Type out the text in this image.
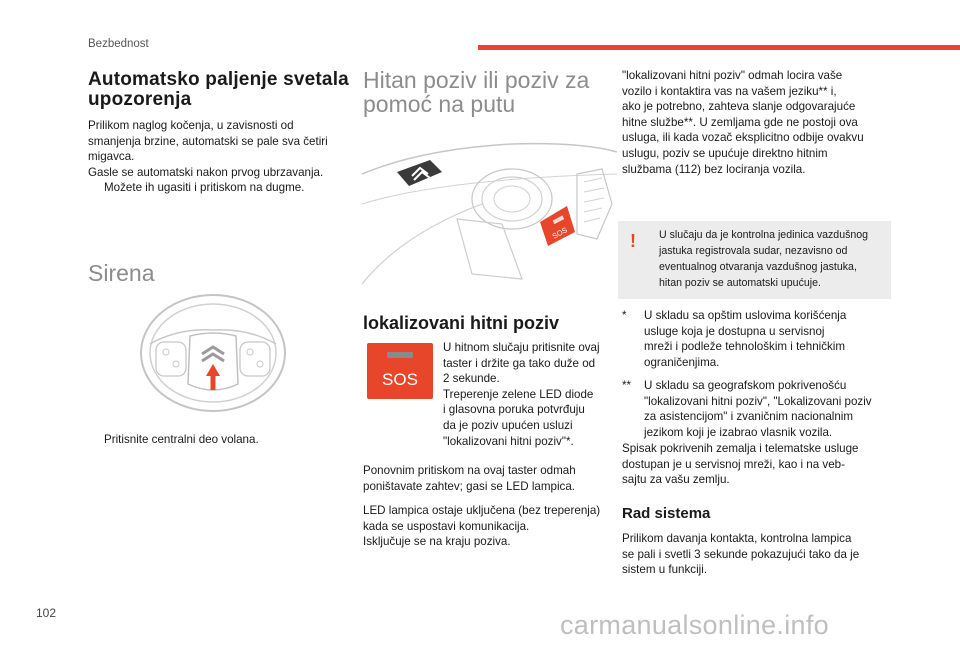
Bezbednost
Automatsko paljenje svetala
upozorenja
Prilikom naglog kočenja, u zavisnosti od
smanjenja brzine, automatski se pale sva četiri
migavca.
Gasle se automatski nakon prvog ubrzavanja.
Možete ih ugasiti i pritiskom na dugme.
Sirena
Pritisnite centralni deo volana.
Hitan poziv ili poziv za
pomoć na putu
SOS
lokalizovani hitni poziv
SOS
U hitnom slučaju pritisnite ovaj
taster i držite ga tako duže od
2 sekunde.
Treperenje zelene LED diode
i glasovna poruka potvrđuju
da je poziv upućen usluzi
"lokalizovani hitni poziv"*.
Ponovnim pritiskom na ovaj taster odmah
poništavate zahtev; gasi se LED lampica.
LED lampica ostaje uključena (bez treperenja)
kada se uspostavi komunikacija.
Isključuje se na kraju poziva.
"lokalizovani hitni poziv" odmah locira vaše
vozilo i kontaktira vas na vašem jeziku** i,
ako je potrebno, zahteva slanje odgovarajuće
hitne službe**. U zemljama gde ne postoji ova
usluga, ili kada vozač eksplicitno odbije ovakvu
uslugu, poziv se upućuje direktno hitnim
službama (112) bez lociranja vozila.
! U slučaju da je kontrolna jedinica vazdušnog
jastuka registrovala sudar, nezavisno od
eventualnog otvaranja vazdušnog jastuka,
hitan poziv se automatski upućuje.
*	U skladu sa opštim uslovima korišćenja
usluge koja je dostupna u servisnoj
mreži i podleže tehnološkim i tehničkim
ograničenjima.
**	U skladu sa geografskom pokrivenošću
"lokalizovani hitni poziv", "Lokalizovani poziv
za asistencijom" i zvaničnim nacionalnim
jezikom koji je izabrao vlasnik vozila.
Spisak pokrivenih zemalja i telematske usluge
dostupan je u servisnoj mreži, kao i na veb-
sajtu za vašu zemlju.
Rad sistema
Prilikom davanja kontakta, kontrolna lampica
se pali i svetli 3 sekunde pokazujući tako da je
sistem u funkciji.
102	carmanualsonline.info
